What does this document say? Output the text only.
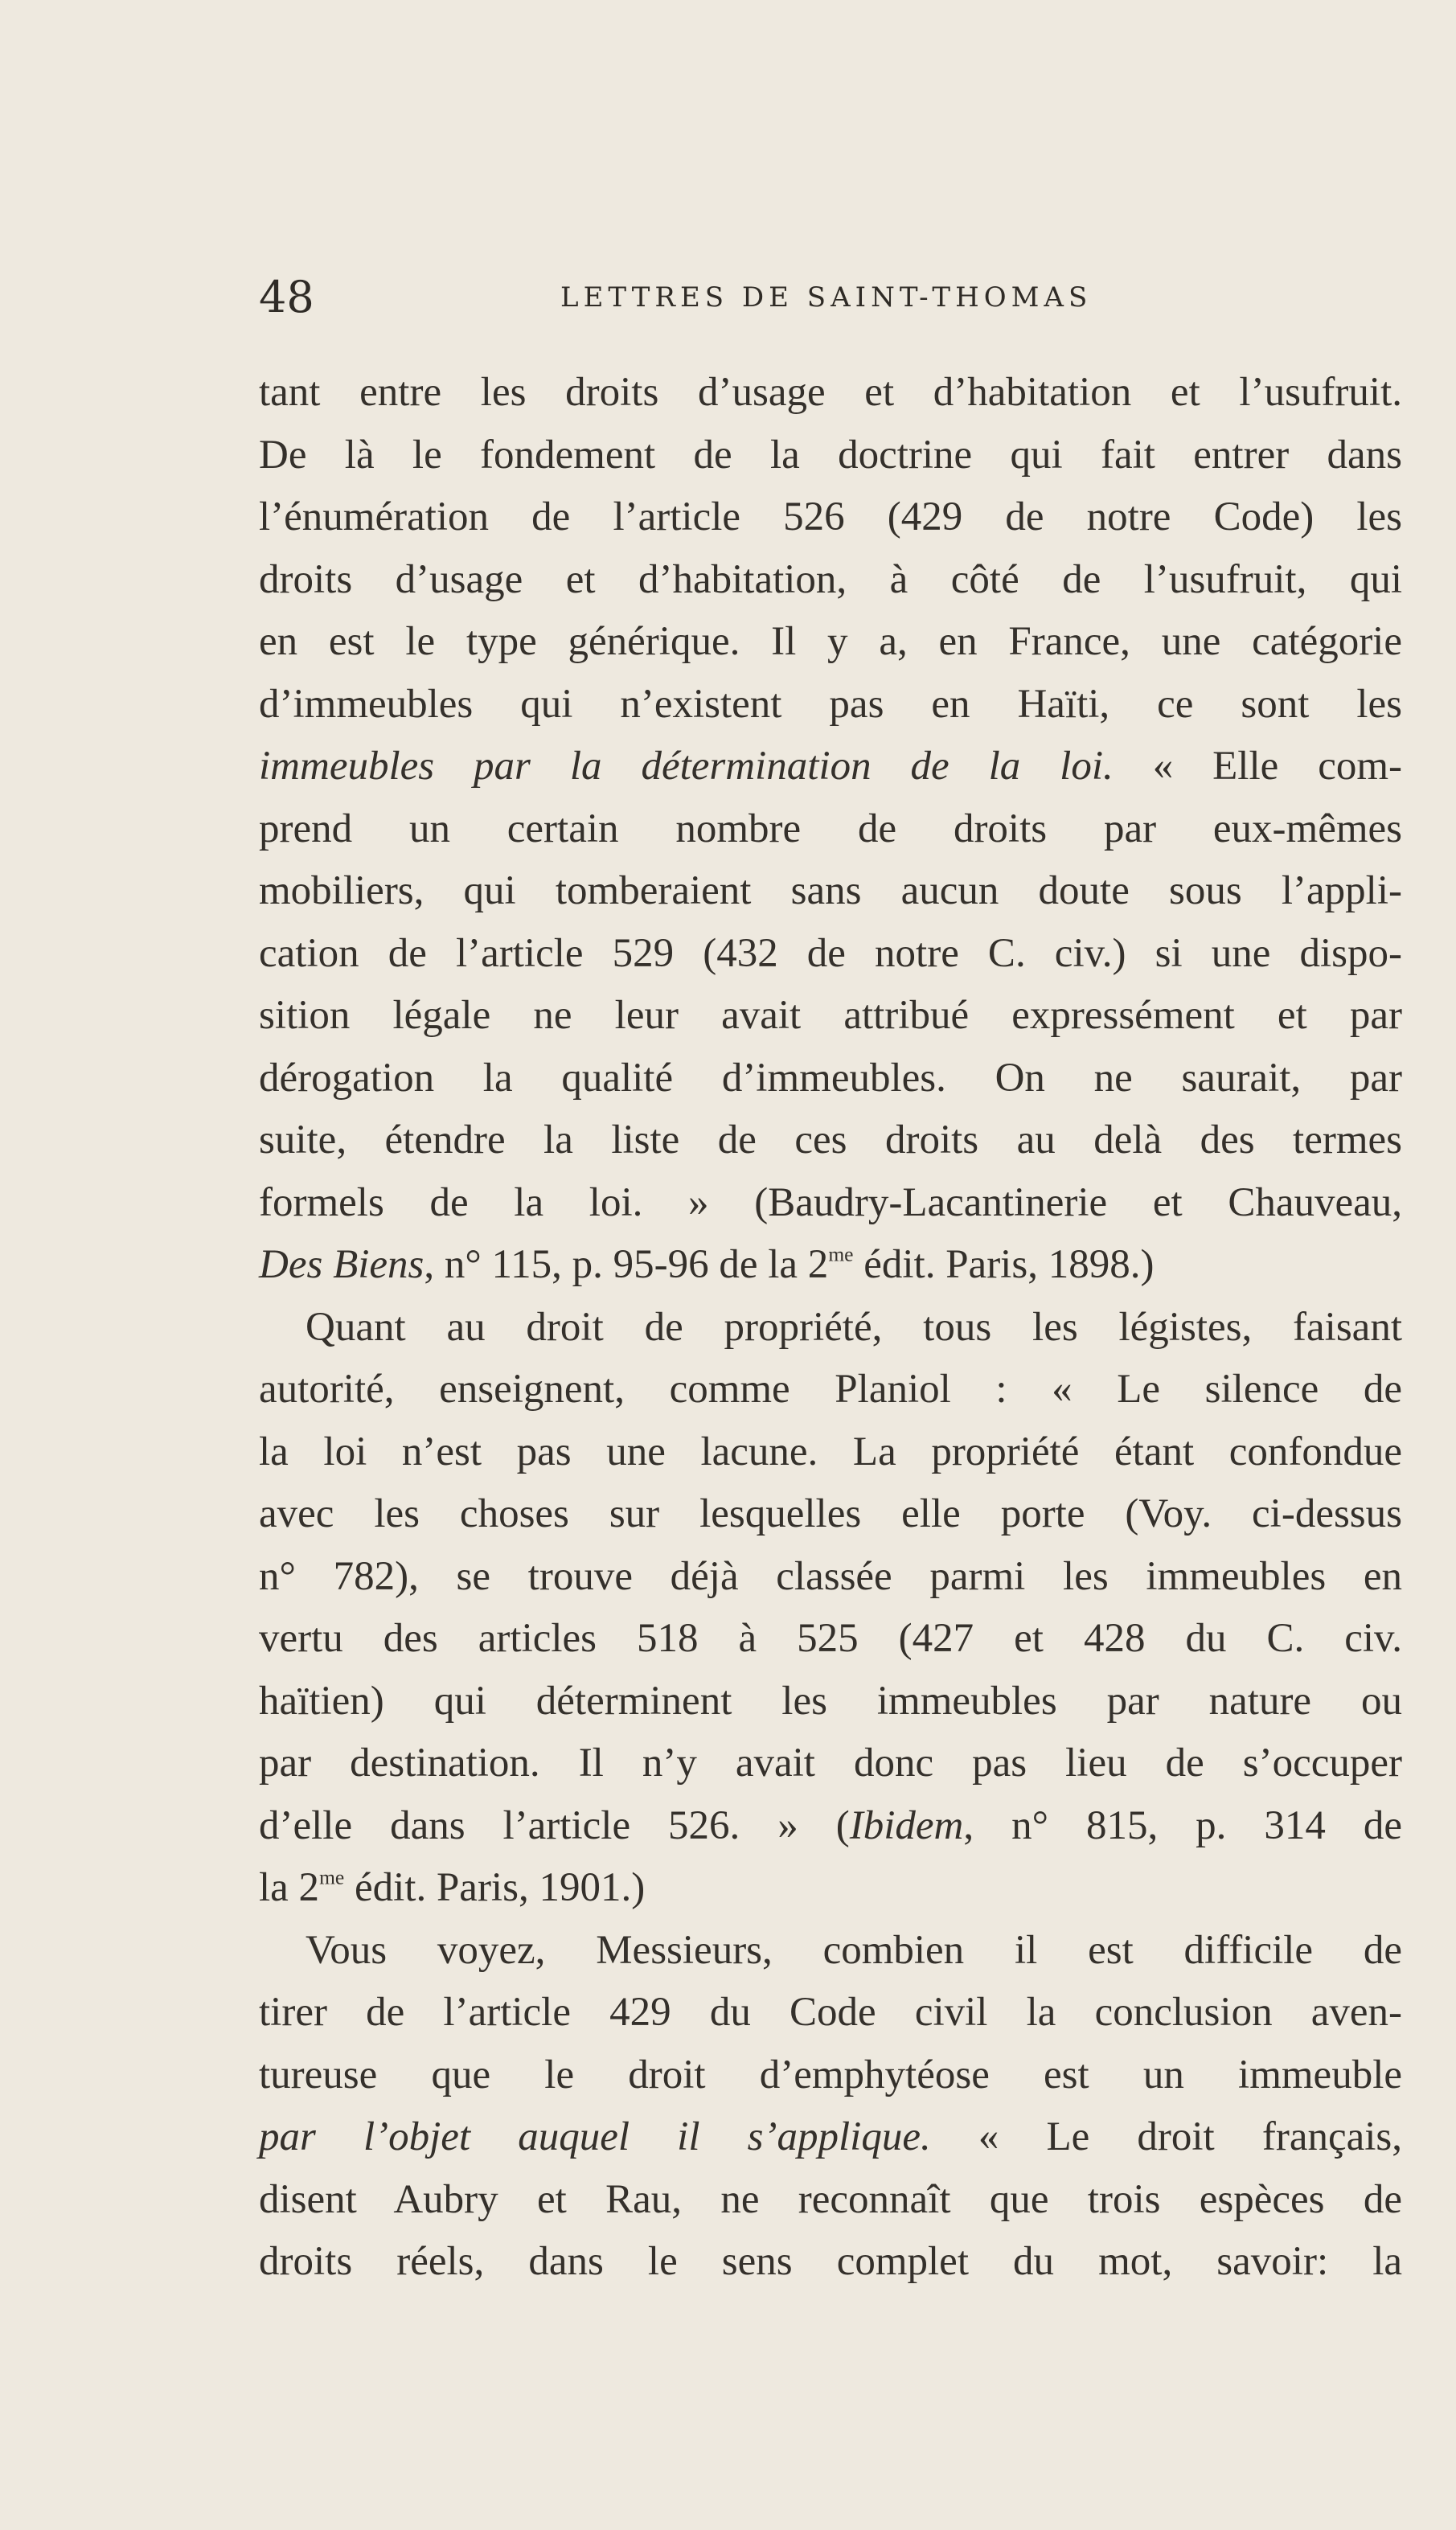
48	LETTRES DE SAINT-THOMAS
tant entre les droits d’usage et d’habitation et l’usufruit.
De là le fondement de la doctrine qui fait entrer dans
l’énumération de l’article 526 (429 de notre Code) les
droits d’usage et d’habitation, à côté de l’usufruit, qui
en est le type générique. Il y a, en France, une catégorie
d’immeubles qui n’existent pas en Haïti, ce sont les
immeubles par la détermination de la loi. « Elle com-
prend un certain nombre de droits par eux-mêmes
mobiliers, qui tomberaient sans aucun doute sous l’appli-
cation de l’article 529 (432 de notre C. civ.) si une dispo-
sition légale ne leur avait attribué expressément et par
dérogation la qualité d’immeubles. On ne saurait, par
suite, étendre la liste de ces droits au delà des termes
formels de la loi. » (Baudry-Lacantinerie et Chauveau,
Des Biens, n° 115, p. 95-96 de la $2^{me}$ édit. Paris, 1898.)
Quant au droit de propriété, tous les légistes, faisant
autorité, enseignent, comme Planiol : « Le silence de
la loi n’est pas une lacune. La propriété étant confondue
avec les choses sur lesquelles elle porte (Voy. ci-dessus
n° 782), se trouve déjà classée parmi les immeubles en
vertu des articles 518 à 525 (427 et 428 du C. civ.
haïtien) qui déterminent les immeubles par nature ou
par destination. Il n’y avait donc pas lieu de s’occuper
d’elle dans l’article 526. » (Ibidem, n° 815, p. 314 de
la $2^{me}$ édit. Paris, 1901.)
Vous voyez, Messieurs, combien il est difficile de
tirer de l’article 429 du Code civil la conclusion aven-
tureuse que le droit d’emphytéose est un immeuble
par l’objet auquel il s’applique. « Le droit français,
disent Aubry et Rau, ne reconnaît que trois espèces de
droits réels, dans le sens complet du mot, savoir: la
